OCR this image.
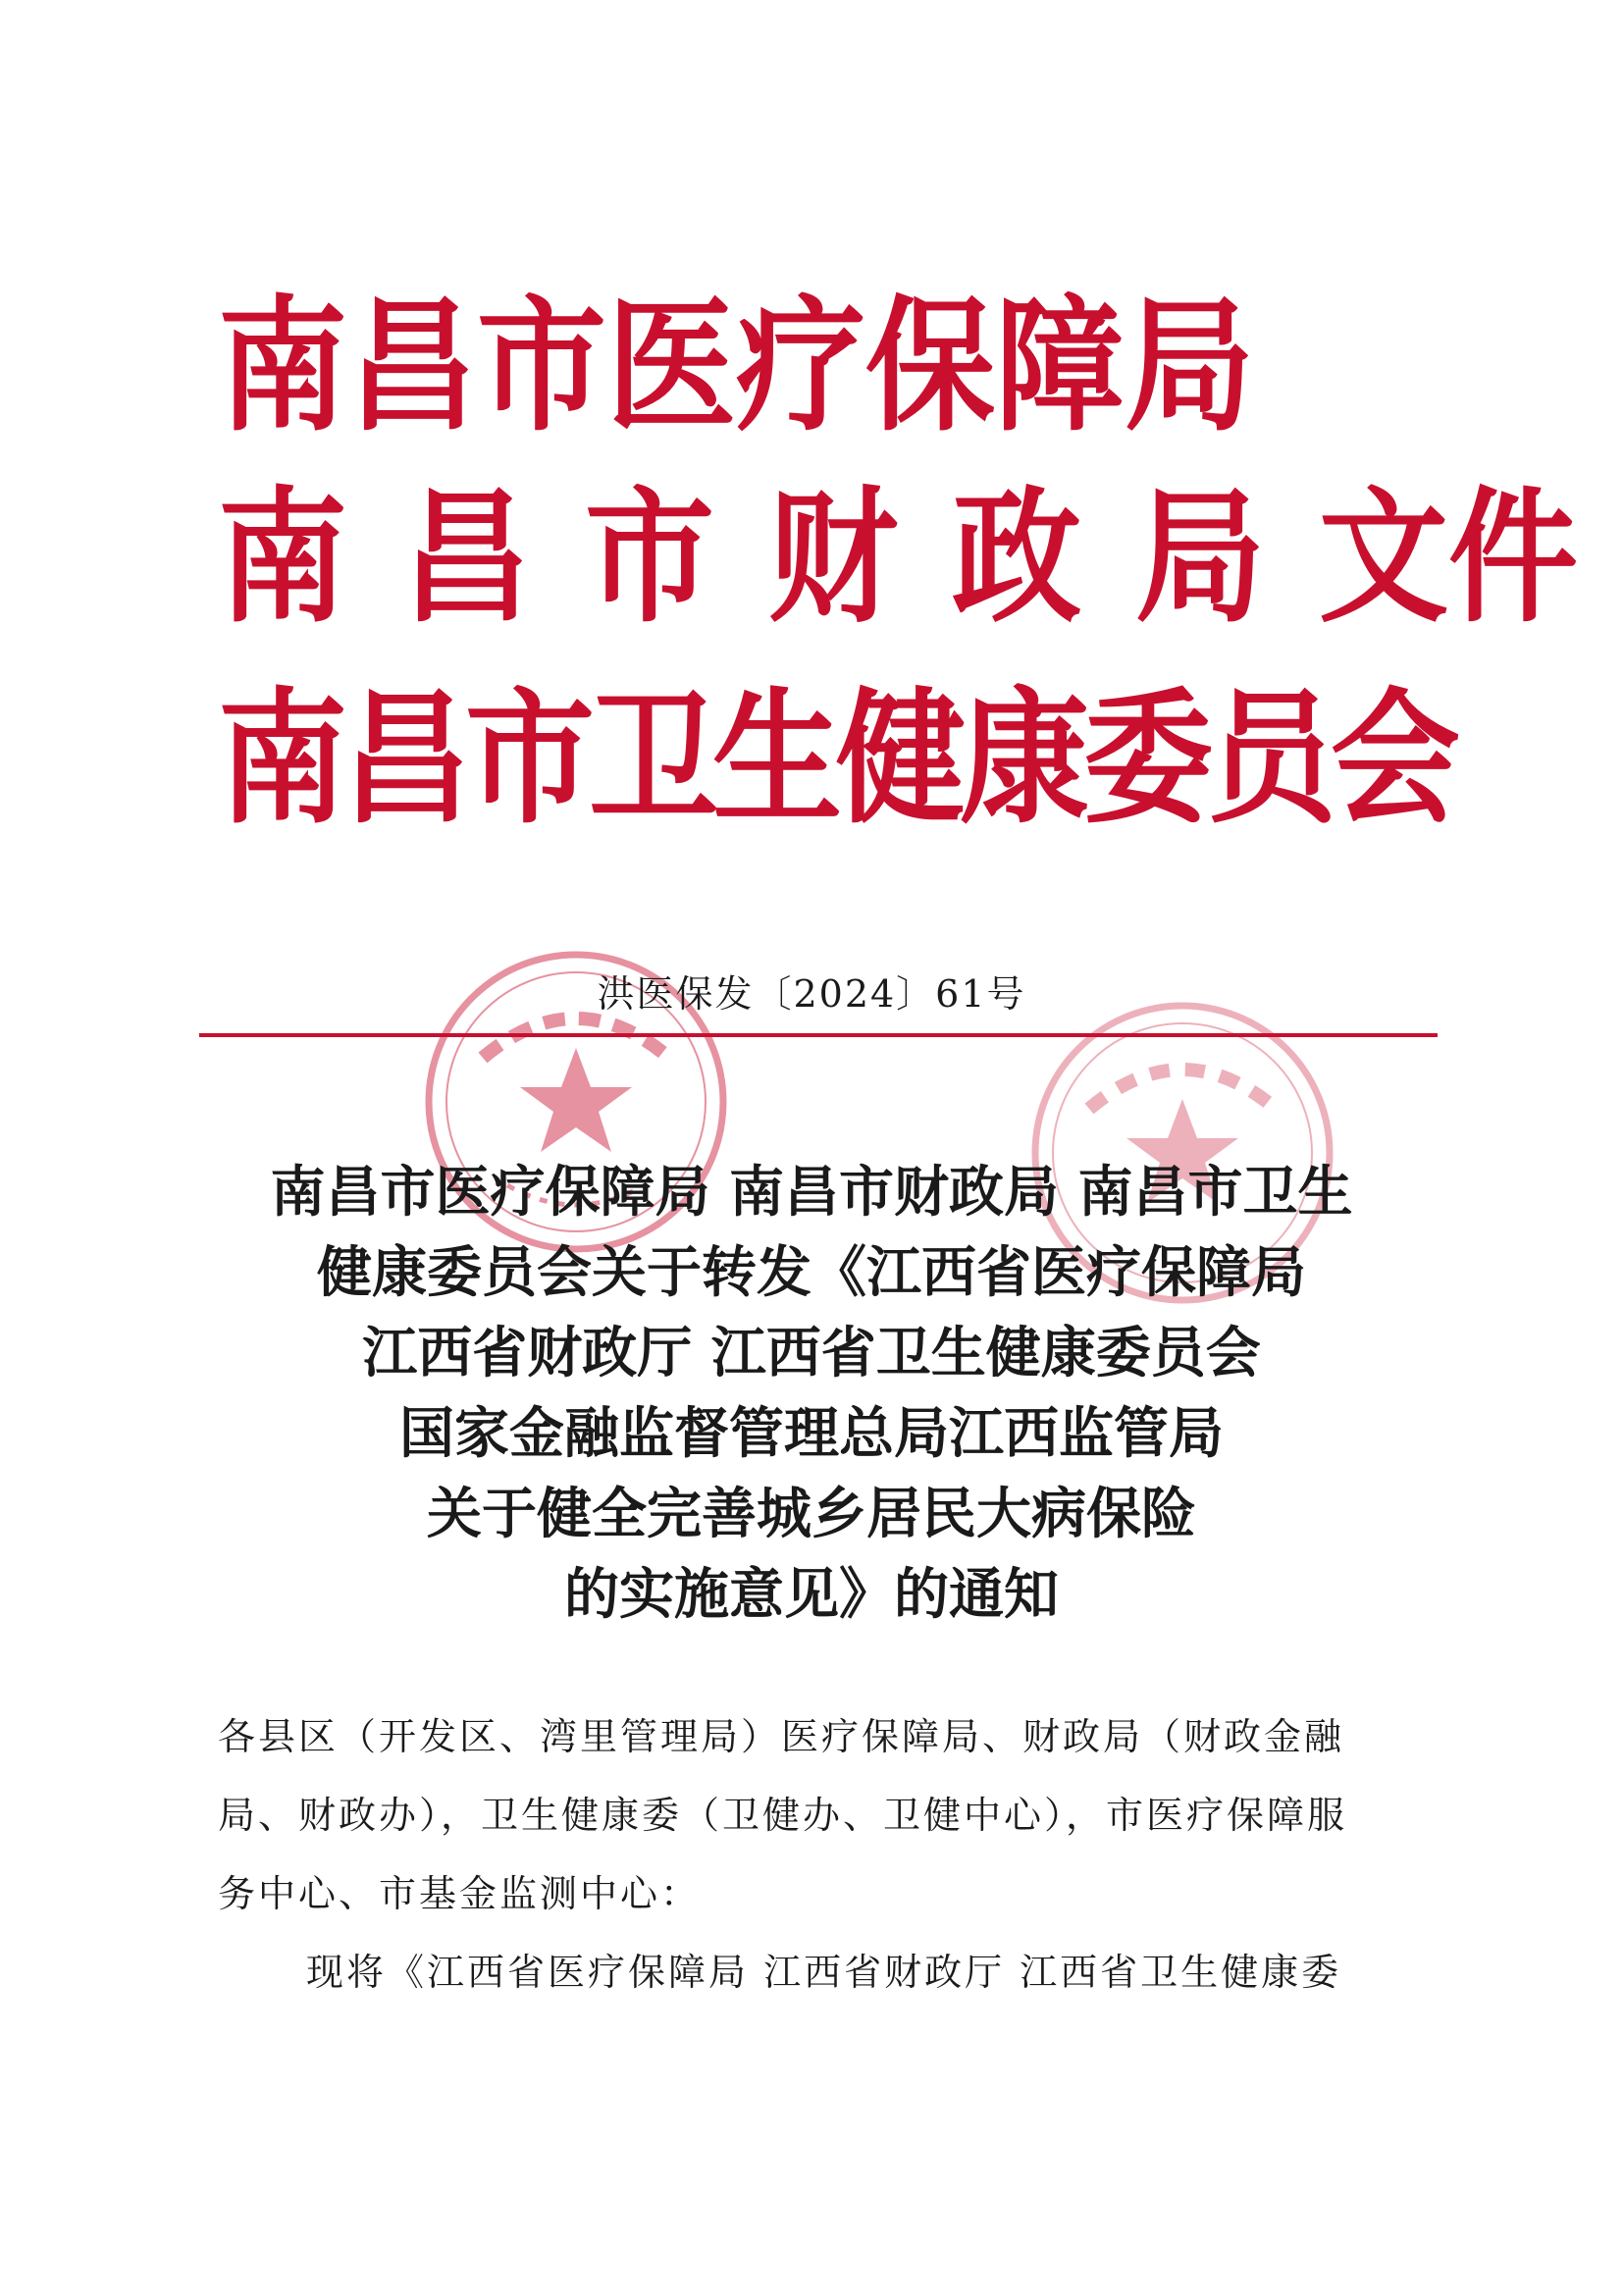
南昌市医疗保障局
南昌市财政局文件
南昌市卫生健康委员会
洪医保发〔2024〕61号
南昌市医疗保障局 南昌市财政局 南昌市卫生
健康委员会关于转发《江西省医疗保障局
江西省财政厅 江西省卫生健康委员会
国家金融监督管理总局江西监管局
关于健全完善城乡居民大病保险
的实施意见》的通知
各县区（开发区、湾里管理局）医疗保障局、财政局（财政金融
局、财政办），卫生健康委（卫健办、卫健中心），市医疗保障服
务中心、市基金监测中心：
现将《江西省医疗保障局 江西省财政厅 江西省卫生健康委
